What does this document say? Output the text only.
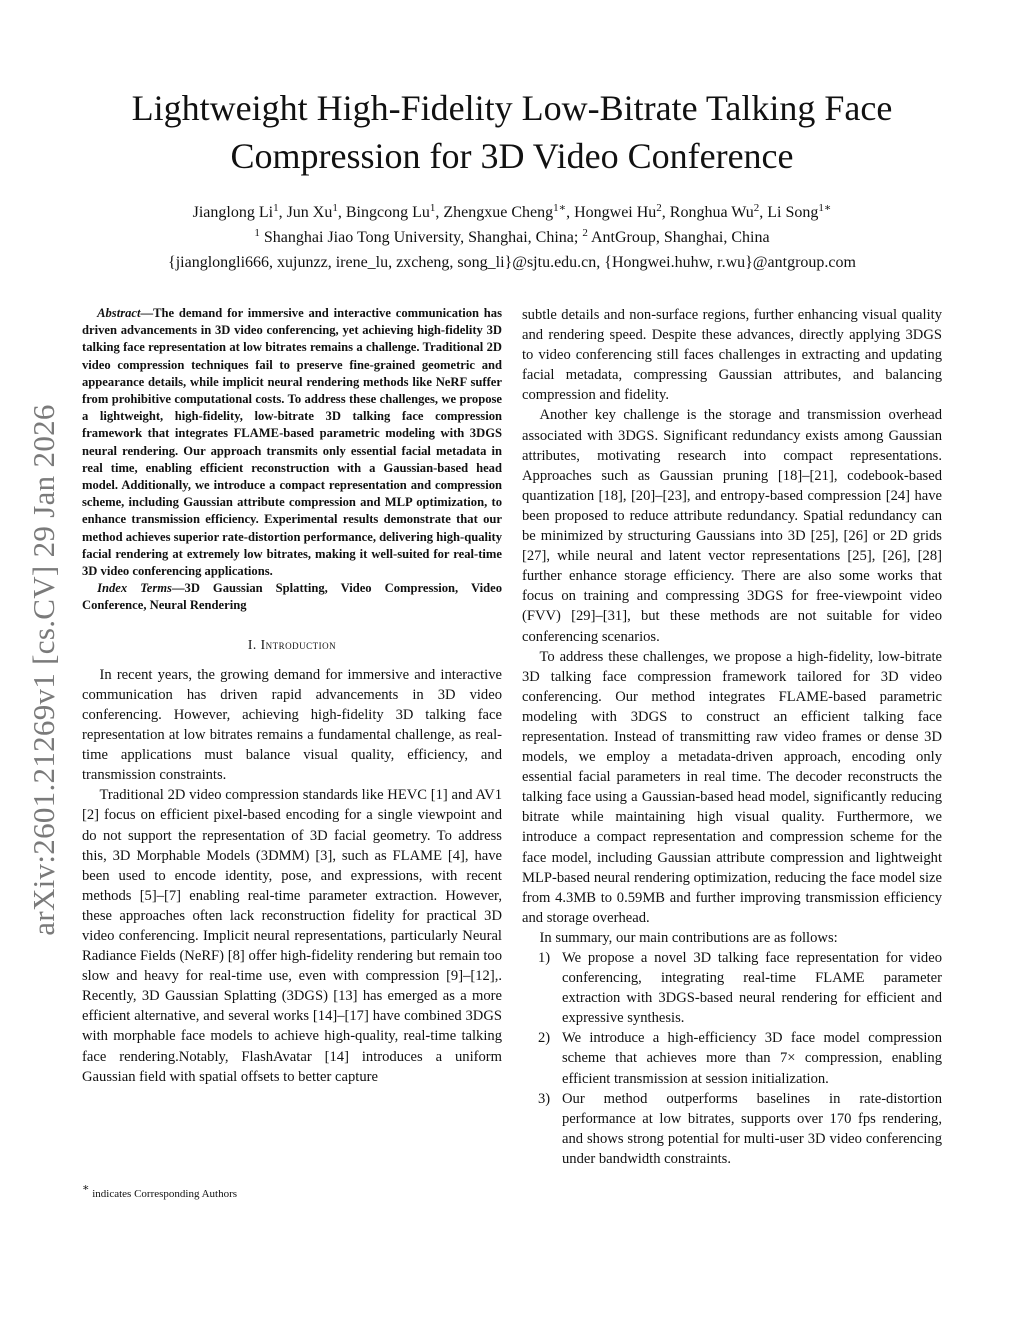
arXiv:2601.21269v1 [cs.CV] 29 Jan 2026
Lightweight High-Fidelity Low-Bitrate Talking Face
Compression for 3D Video Conference
Jianglong Li$^1$, Jun Xu$^1$, Bingcong Lu$^1$, Zhengxue Cheng$^{1∗}$, Hongwei Hu$^2$, Ronghua Wu$^2$, Li Song$^{1∗}$
$^1$ Shanghai Jiao Tong University, Shanghai, China; $^2$ AntGroup, Shanghai, China
{jianglongli666, xujunzz, irene_lu, zxcheng, song_li}@sjtu.edu.cn, {Hongwei.huhw, r.wu}@antgroup.com

Abstract—The demand for immersive and interactive communication has driven advancements in 3D video conferencing, yet achieving high-fidelity 3D talking face representation at low bitrates remains a challenge. Traditional 2D video compression techniques fail to preserve fine-grained geometric and appearance details, while implicit neural rendering methods like NeRF suffer from prohibitive computational costs. To address these challenges, we propose a lightweight, high-fidelity, low-bitrate 3D talking face compression framework that integrates FLAME-based parametric modeling with 3DGS neural rendering. Our approach transmits only essential facial metadata in real time, enabling efficient reconstruction with a Gaussian-based head model. Additionally, we introduce a compact representation and compression scheme, including Gaussian attribute compression and MLP optimization, to enhance transmission efficiency. Experimental results demonstrate that our method achieves superior rate-distortion performance, delivering high-quality facial rendering at extremely low bitrates, making it well-suited for real-time 3D video conferencing applications.

Index Terms—3D Gaussian Splatting, Video Compression, Video Conference, Neural Rendering

I. Introduction

In recent years, the growing demand for immersive and interactive communication has driven rapid advancements in 3D video conferencing. However, achieving high-fidelity 3D talking face representation at low bitrates remains a fundamental challenge, as real-time applications must balance visual quality, efficiency, and transmission constraints.

Traditional 2D video compression standards like HEVC [1] and AV1 [2] focus on efficient pixel-based encoding for a single viewpoint and do not support the representation of 3D facial geometry. To address this, 3D Morphable Models (3DMM) [3], such as FLAME [4], have been used to encode identity, pose, and expressions, with recent methods [5]–[7] enabling real-time parameter extraction. However, these approaches often lack reconstruction fidelity for practical 3D video conferencing. Implicit neural representations, particularly Neural Radiance Fields (NeRF) [8] offer high-fidelity rendering but remain too slow and heavy for real-time use, even with compression [9]–[12],. Recently, 3D Gaussian Splatting (3DGS) [13] has emerged as a more efficient alternative, and several works [14]–[17] have combined 3DGS with morphable face models to achieve high-quality, real-time talking face rendering.Notably, FlashAvatar [14] introduces a uniform Gaussian field with spatial offsets to better capture

subtle details and non-surface regions, further enhancing visual quality and rendering speed. Despite these advances, directly applying 3DGS to video conferencing still faces challenges in extracting and updating facial metadata, compressing Gaussian attributes, and balancing compression and fidelity.

Another key challenge is the storage and transmission overhead associated with 3DGS. Significant redundancy exists among Gaussian attributes, motivating research into compact representations. Approaches such as Gaussian pruning [18]–[21], codebook-based quantization [18], [20]–[23], and entropy-based compression [24] have been proposed to reduce attribute redundancy. Spatial redundancy can be minimized by structuring Gaussians into 3D [25], [26] or 2D grids [27], while neural and latent vector representations [25], [26], [28] further enhance storage efficiency. There are also some works that focus on training and compressing 3DGS for free-viewpoint video (FVV) [29]–[31], but these methods are not suitable for video conferencing scenarios.

To address these challenges, we propose a high-fidelity, low-bitrate 3D talking face compression framework tailored for 3D video conferencing. Our method integrates FLAME-based parametric modeling with 3DGS to construct an efficient talking face representation. Instead of transmitting raw video frames or dense 3D models, we employ a metadata-driven approach, encoding only essential facial parameters in real time. The decoder reconstructs the talking face using a Gaussian-based head model, significantly reducing bitrate while maintaining high visual quality. Furthermore, we introduce a compact representation and compression scheme for the face model, including Gaussian attribute compression and lightweight MLP-based neural rendering optimization, reducing the face model size from 4.3MB to 0.59MB and further improving transmission efficiency and storage overhead.

In summary, our main contributions are as follows:

1) We propose a novel 3D talking face representation for video conferencing, integrating real-time FLAME parameter extraction with 3DGS-based neural rendering for efficient and expressive synthesis.
2) We introduce a high-efficiency 3D face model compression scheme that achieves more than 7× compression, enabling efficient transmission at session initialization.
3) Our method outperforms baselines in rate-distortion performance at low bitrates, supports over 170 fps rendering, and shows strong potential for multi-user 3D video conferencing under bandwidth constraints.
∗ indicates Corresponding Authors
